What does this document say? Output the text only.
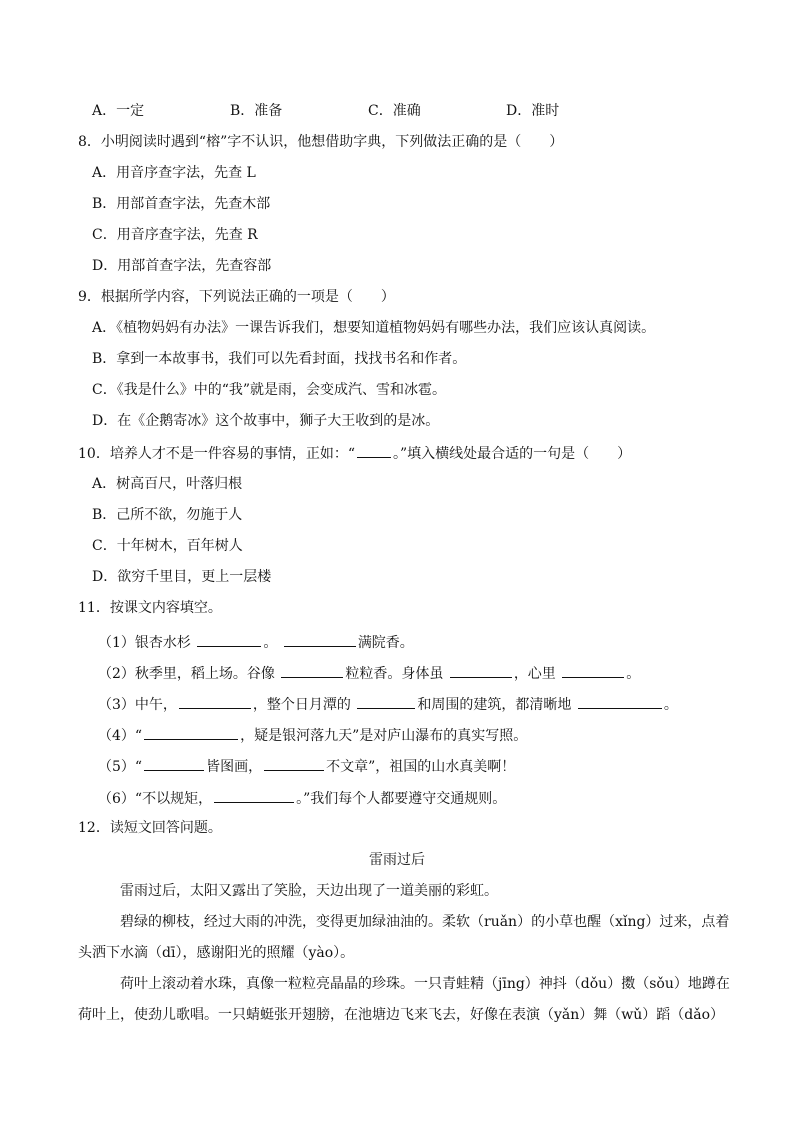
A．一定	B．准备	C．准确	D．准时
8．小明阅读时遇到“榕”字不认识，他想借助字典，下列做法正确的是（　　）
A．用音序查字法，先查 L
B．用部首查字法，先查木部
C．用音序查字法，先查 R
D．用部首查字法，先查容部
9．根据所学内容，下列说法正确的一项是（　　）
A．《植物妈妈有办法》一课告诉我们，想要知道植物妈妈有哪些办法，我们应该认真阅读。
B．拿到一本故事书，我们可以先看封面，找找书名和作者。
C．《我是什么》中的“我”就是雨，会变成汽、雪和冰雹。
D．在《企鹅寄冰》这个故事中，狮子大王收到的是冰。
10．培养人才不是一件容易的事情，正如：“	。”填入横线处最合适的一句是（　　）
A．树高百尺，叶落归根
B．己所不欲，勿施于人
C．十年树木，百年树人
D．欲穷千里目，更上一层楼
11．按课文内容填空。
（1）银杏水杉	。	满院香。
（2）秋季里，稻上场。谷像	粒粒香。身体虽	，心里	。
（3）中午，	，整个日月潭的	和周围的建筑，都清晰地	。
（4）“	，疑是银河落九天”是对庐山瀑布的真实写照。
（5）“	皆图画，	不文章”，祖国的山水真美啊！
（6）“不以规矩，	。”我们每个人都要遵守交通规则。
12．读短文回答问题。
雷雨过后
雷雨过后，太阳又露出了笑脸，天边出现了一道美丽的彩虹。
碧绿的柳枝，经过大雨的冲洗，变得更加绿油油的。柔软（ruǎn）的小草也醒（xǐng）过来，点着
头洒下水滴（dī），感谢阳光的照耀（yào）。
荷叶上滚动着水珠，真像一粒粒亮晶晶的珍珠。一只青蛙精（jīng）神抖（dǒu）擞（sǒu）地蹲在
荷叶上，使劲儿歌唱。一只蜻蜓张开翅膀，在池塘边飞来飞去，好像在表演（yǎn）舞（wǔ）蹈（dǎo）
